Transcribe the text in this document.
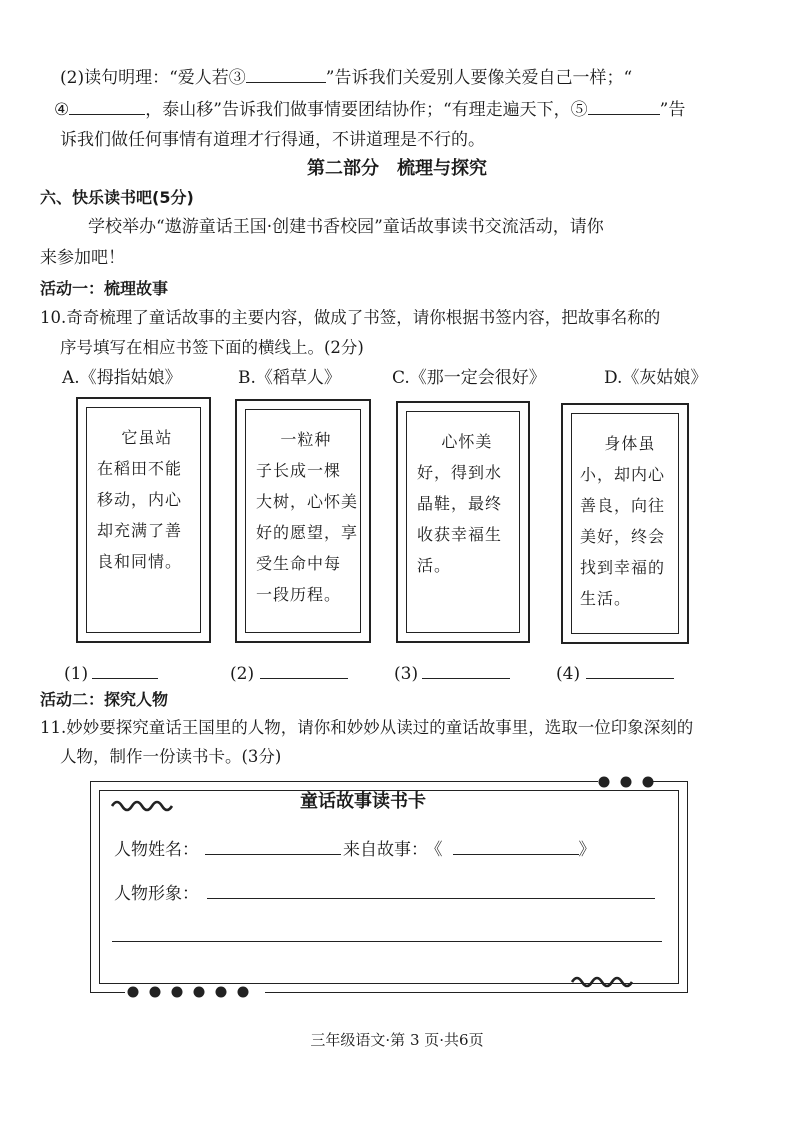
(2)读句明理：“爱人若③	”告诉我们关爱别人要像关爱自己一样；“
④	，泰山移”告诉我们做事情要团结协作；“有理走遍天下，⑤	”告
诉我们做任何事情有道理才行得通，不讲道理是不行的。
第二部分　梳理与探究
六、快乐读书吧(5分)
学校举办“遨游童话王国·创建书香校园”童话故事读书交流活动，请你
来参加吧！
活动一：梳理故事
10.奇奇梳理了童话故事的主要内容，做成了书签，请你根据书签内容，把故事名称的
序号填写在相应书签下面的横线上。(2分)
A.《拇指姑娘》	B.《稻草人》	C.《那一定会很好》	D.《灰姑娘》
它虽站
在稻田不能
移动，内心
却充满了善
良和同情。
一粒种
子长成一棵
大树，心怀美
好的愿望，享
受生命中每
一段历程。
心怀美
好，得到水
晶鞋，最终
收获幸福生
活。
身体虽
小，却内心
善良，向往
美好，终会
找到幸福的
生活。
(1)	(2)	(3)	(4)
活动二：探究人物
11.妙妙要探究童话王国里的人物，请你和妙妙从读过的童话故事里，选取一位印象深刻的
人物，制作一份读书卡。(3分)
童话故事读书卡
人物姓名：	来自故事： 《	》
人物形象：
三年级语文·第 3 页·共6页
